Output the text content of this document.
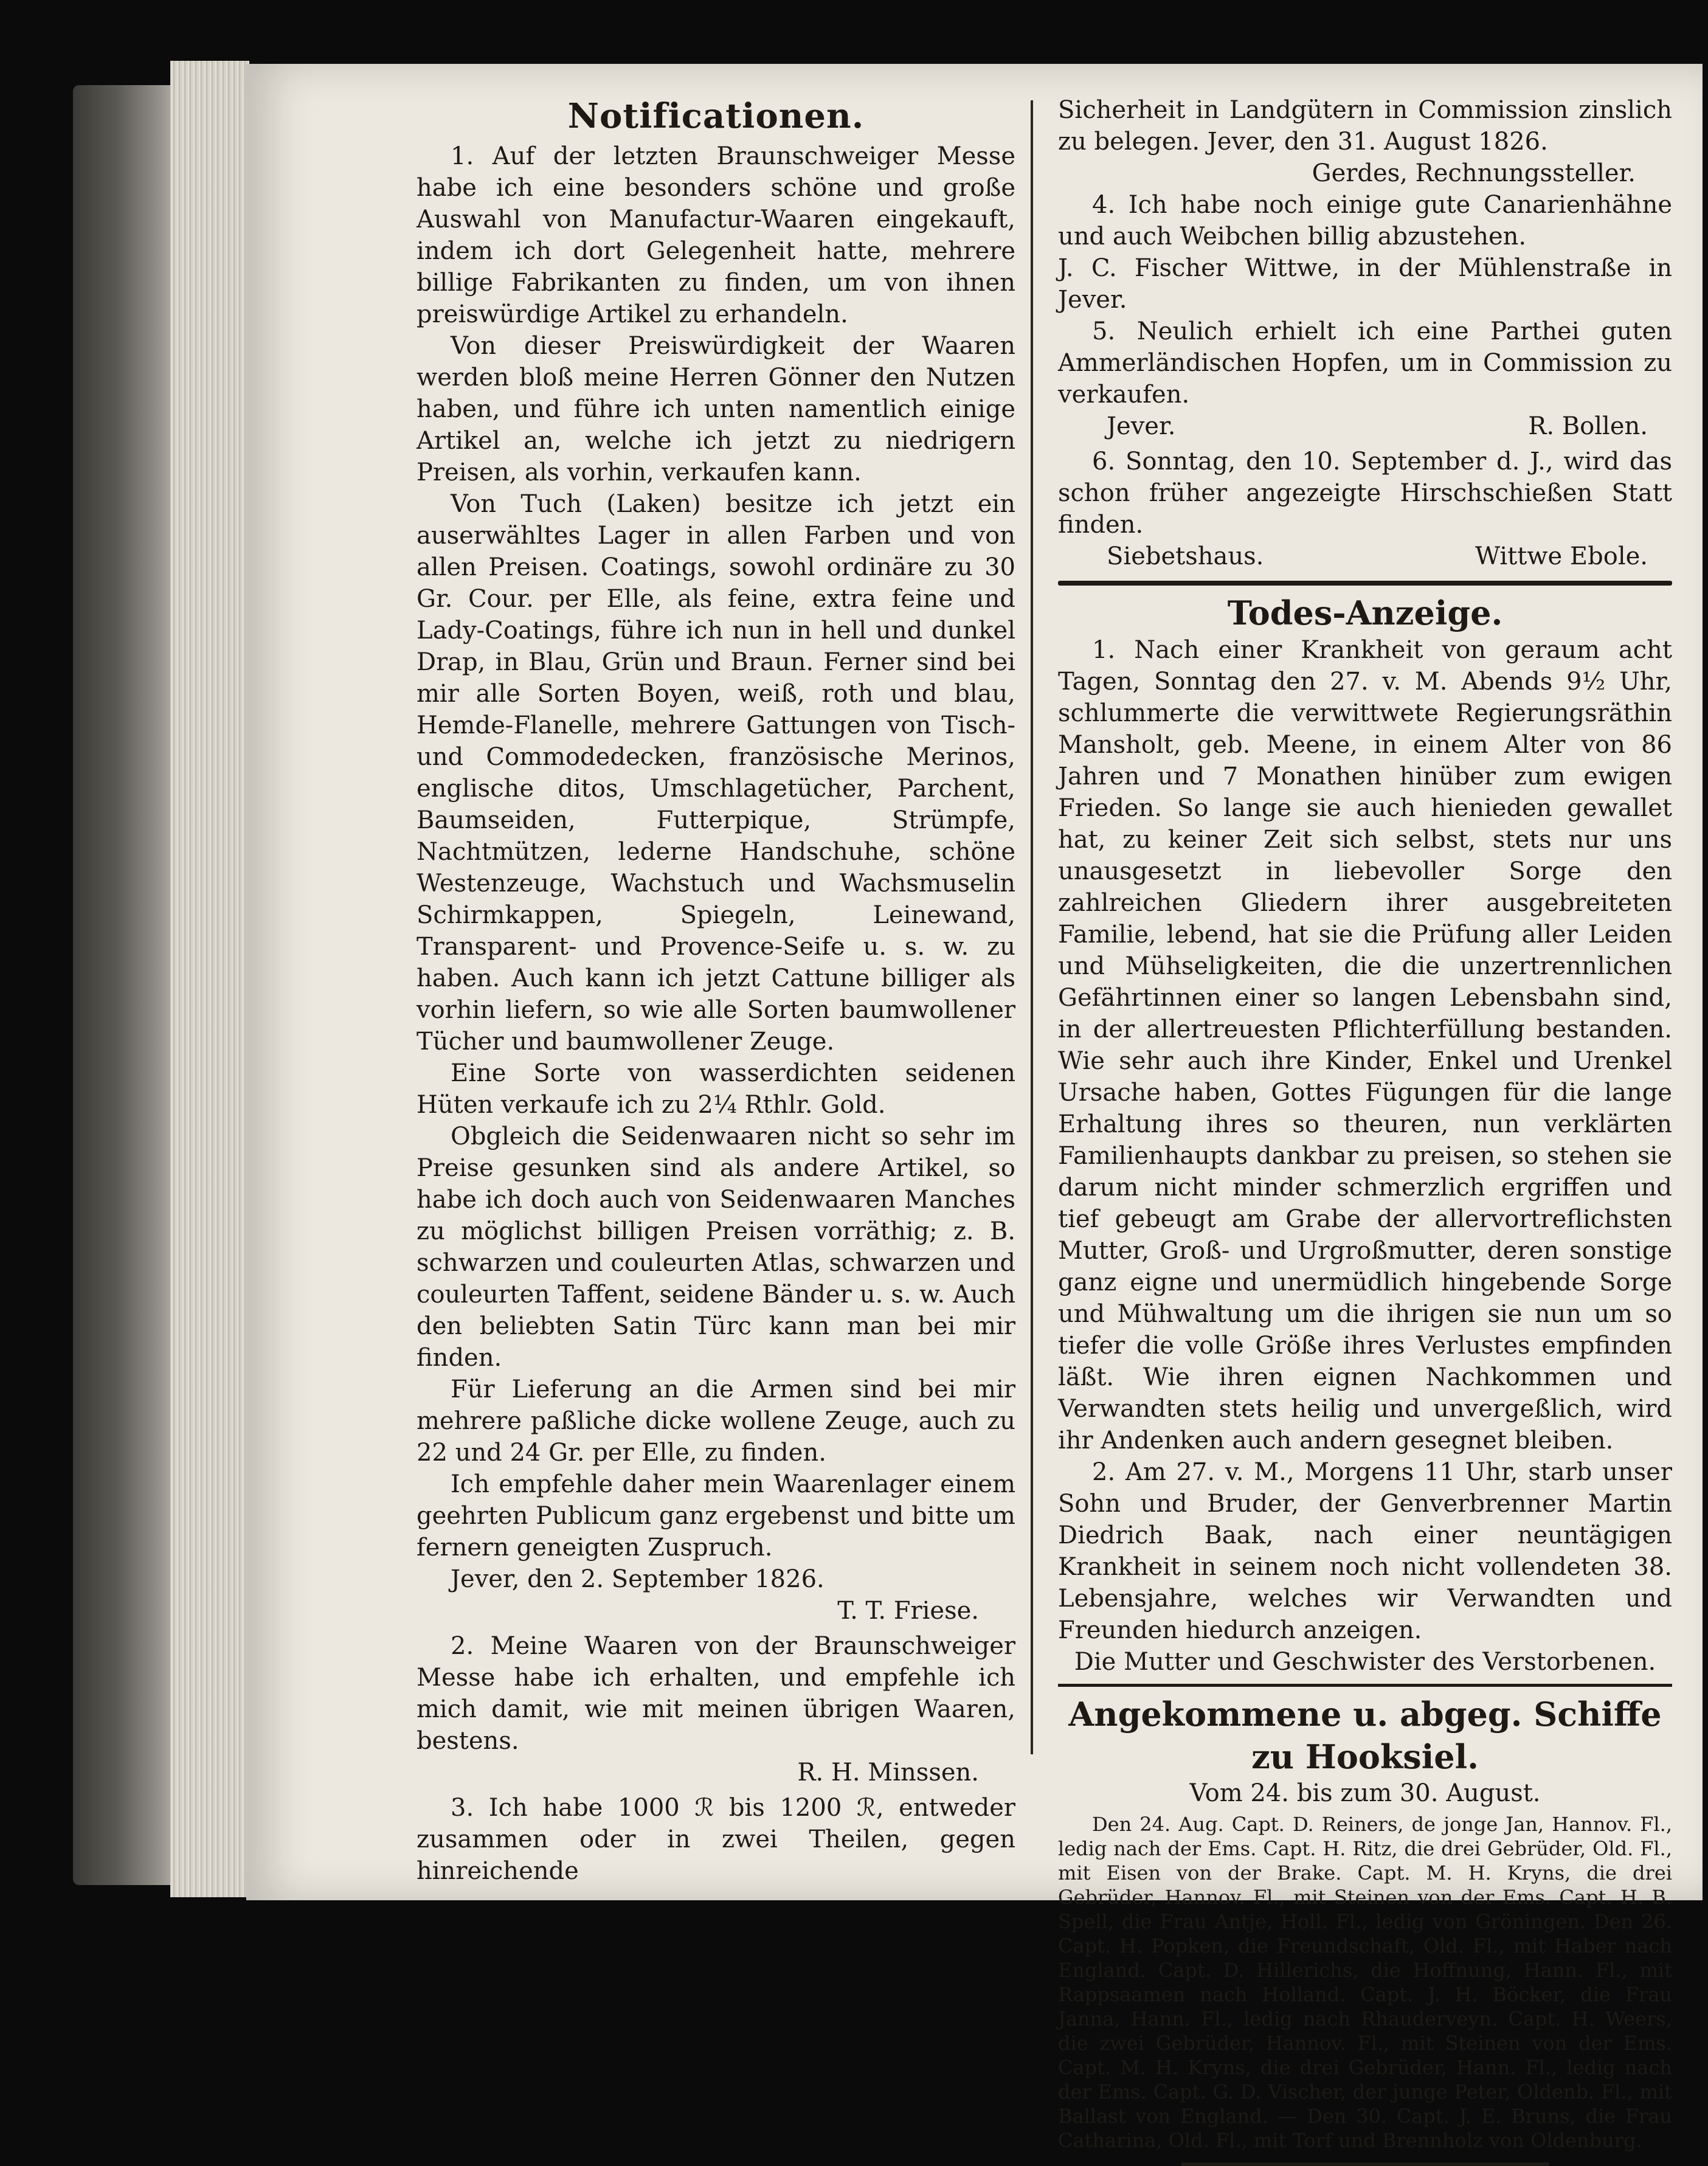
Notificationen.

1. Auf der letzten Braunschweiger Messe habe ich eine besonders schöne und große Auswahl von Manufactur-Waaren eingekauft, indem ich dort Gelegenheit hatte, mehrere billige Fabrikanten zu finden, um von ihnen preiswürdige Artikel zu erhandeln.

Von dieser Preiswürdigkeit der Waaren werden bloß meine Herren Gönner den Nutzen haben, und führe ich unten namentlich einige Artikel an, welche ich jetzt zu niedrigern Preisen, als vorhin, verkaufen kann.

Von Tuch (Laken) besitze ich jetzt ein auserwähltes Lager in allen Farben und von allen Preisen. Coatings, sowohl ordinäre zu 30 Gr. Cour. per Elle, als feine, extra feine und Lady-Coatings, führe ich nun in hell und dunkel Drap, in Blau, Grün und Braun. Ferner sind bei mir alle Sorten Boyen, weiß, roth und blau, Hemde-Flanelle, mehrere Gattungen von Tisch- und Commodedecken, französische Merinos, englische ditos, Umschlagetücher, Parchent, Baumseiden, Futterpique, Strümpfe, Nachtmützen, lederne Handschuhe, schöne Westenzeuge, Wachstuch und Wachsmuselin Schirmkappen, Spiegeln, Leinewand, Transparent- und Provence-Seife u. s. w. zu haben. Auch kann ich jetzt Cattune billiger als vorhin liefern, so wie alle Sorten baumwollener Tücher und baumwollener Zeuge.

Eine Sorte von wasserdichten seidenen Hüten verkaufe ich zu 2¼ Rthlr. Gold.

Obgleich die Seidenwaaren nicht so sehr im Preise gesunken sind als andere Artikel, so habe ich doch auch von Seidenwaaren Manches zu möglichst billigen Preisen vorräthig; z. B. schwarzen und couleurten Atlas, schwarzen und couleurten Taffent, seidene Bänder u. s. w. Auch den beliebten Satin Türc kann man bei mir finden.

Für Lieferung an die Armen sind bei mir mehrere paßliche dicke wollene Zeuge, auch zu 22 und 24 Gr. per Elle, zu finden.

Ich empfehle daher mein Waarenlager einem geehrten Publicum ganz ergebenst und bitte um fernern geneigten Zuspruch.

Jever, den 2. September 1826.

T. T. Friese.

2. Meine Waaren von der Braunschweiger Messe habe ich erhalten, und empfehle ich mich damit, wie mit meinen übrigen Waaren, bestens.

R. H. Minssen.

3. Ich habe 1000 ℛ bis 1200 ℛ, entweder zusammen oder in zwei Theilen, gegen hinreichende

Sicherheit in Landgütern in Commission zinslich zu belegen. Jever, den 31. August 1826.

Gerdes, Rechnungssteller.

4. Ich habe noch einige gute Canarienhähne und auch Weibchen billig abzustehen.

J. C. Fischer Wittwe, in der Mühlenstraße in Jever.

5. Neulich erhielt ich eine Parthei guten Ammerländischen Hopfen, um in Commission zu verkaufen.

Jever.	R. Bollen.

6. Sonntag, den 10. September d. J., wird das schon früher angezeigte Hirschschießen Statt finden.

Siebetshaus.	Wittwe Ebole.
Todes-Anzeige.

1. Nach einer Krankheit von geraum acht Tagen, Sonntag den 27. v. M. Abends 9½ Uhr, schlummerte die verwittwete Regierungsräthin Mansholt, geb. Meene, in einem Alter von 86 Jahren und 7 Monathen hinüber zum ewigen Frieden. So lange sie auch hienieden gewallet hat, zu keiner Zeit sich selbst, stets nur uns unausgesetzt in liebevoller Sorge den zahlreichen Gliedern ihrer ausgebreiteten Familie, lebend, hat sie die Prüfung aller Leiden und Mühseligkeiten, die die unzertrennlichen Gefährtinnen einer so langen Lebensbahn sind, in der allertreuesten Pflichterfüllung bestanden. Wie sehr auch ihre Kinder, Enkel und Urenkel Ursache haben, Gottes Fügungen für die lange Erhaltung ihres so theuren, nun verklärten Familienhaupts dankbar zu preisen, so stehen sie darum nicht minder schmerzlich ergriffen und tief gebeugt am Grabe der allervortreflichsten Mutter, Groß- und Urgroßmutter, deren sonstige ganz eigne und unermüdlich hingebende Sorge und Mühwaltung um die ihrigen sie nun um so tiefer die volle Größe ihres Verlustes empfinden läßt. Wie ihren eignen Nachkommen und Verwandten stets heilig und unvergeßlich, wird ihr Andenken auch andern gesegnet bleiben.

2. Am 27. v. M., Morgens 11 Uhr, starb unser Sohn und Bruder, der Genverbrenner Martin Diedrich Baak, nach einer neuntägigen Krankheit in seinem noch nicht vollendeten 38. Lebensjahre, welches wir Verwandten und Freunden hiedurch anzeigen.

Die Mutter und Geschwister des Verstorbenen.

Angekommene u. abgeg. Schiffe zu Hooksiel.

Vom 24. bis zum 30. August.

Den 24. Aug. Capt. D. Reiners, de jonge Jan, Hannov. Fl., ledig nach der Ems. Capt. H. Ritz, die drei Gebrüder, Old. Fl., mit Eisen von der Brake. Capt. M. H. Kryns, die drei Gebrüder, Hannov. Fl., mit Steinen von der Ems. Capt. H. B. Spell, die Frau Antje, Holl. Fl., ledig von Gröningen. Den 26. Capt. H. Popken, die Freundschaft, Old. Fl., mit Haber nach England. Capt. D. Hillerichs, die Hoffnung, Hann. Fl., mit Rappsaamen nach Holland. Capt. J. H. Böcker, die Frau Janna, Hann. Fl., ledig nach Rhauderveyn. Capt. H. Weers, die zwei Gebrüder, Hannov. Fl., mit Steinen von der Ems. Capt. M. H. Kryns, die drei Gebrüder, Hann. Fl., ledig nach der Ems. Capt. G. D. Vischer, der junge Peter, Oldenb. Fl., mit Ballast von England. — Den 30. Capt. J. E. Bruns, die Frau Catharina, Old. Fl., mit Torf und Brennholz von Oldenburg.
